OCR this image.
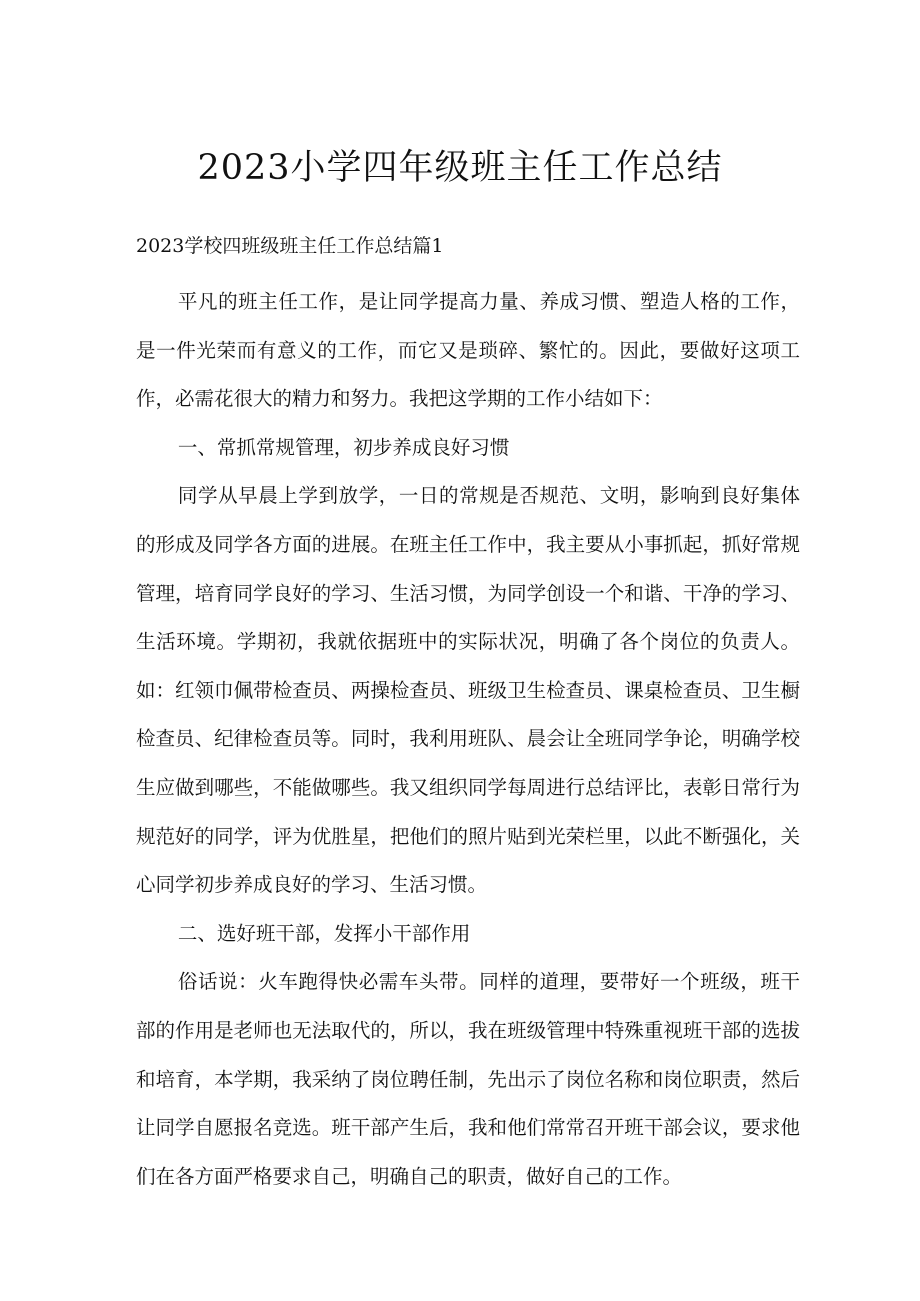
2023小学四年级班主任工作总结

2023学校四班级班主任工作总结篇1

平凡的班主任工作，是让同学提高力量、养成习惯、塑造人格的工作，是一件光荣而有意义的工作，而它又是琐碎、繁忙的。因此，要做好这项工作，必需花很大的精力和努力。我把这学期的工作小结如下：

一、常抓常规管理，初步养成良好习惯

同学从早晨上学到放学，一日的常规是否规范、文明，影响到良好集体的形成及同学各方面的进展。在班主任工作中，我主要从小事抓起，抓好常规管理，培育同学良好的学习、生活习惯，为同学创设一个和谐、干净的学习、生活环境。学期初，我就依据班中的实际状况，明确了各个岗位的负责人。如：红领巾佩带检查员、两操检查员、班级卫生检查员、课桌检查员、卫生橱检查员、纪律检查员等。同时，我利用班队、晨会让全班同学争论，明确学校生应做到哪些，不能做哪些。我又组织同学每周进行总结评比，表彰日常行为规范好的同学，评为优胜星，把他们的照片贴到光荣栏里，以此不断强化，关心同学初步养成良好的学习、生活习惯。

二、选好班干部，发挥小干部作用

俗话说：火车跑得快必需车头带。同样的道理，要带好一个班级，班干部的作用是老师也无法取代的，所以，我在班级管理中特殊重视班干部的选拔和培育，本学期，我采纳了岗位聘任制，先出示了岗位名称和岗位职责，然后让同学自愿报名竞选。班干部产生后，我和他们常常召开班干部会议，要求他们在各方面严格要求自己，明确自己的职责，做好自己的工作。
